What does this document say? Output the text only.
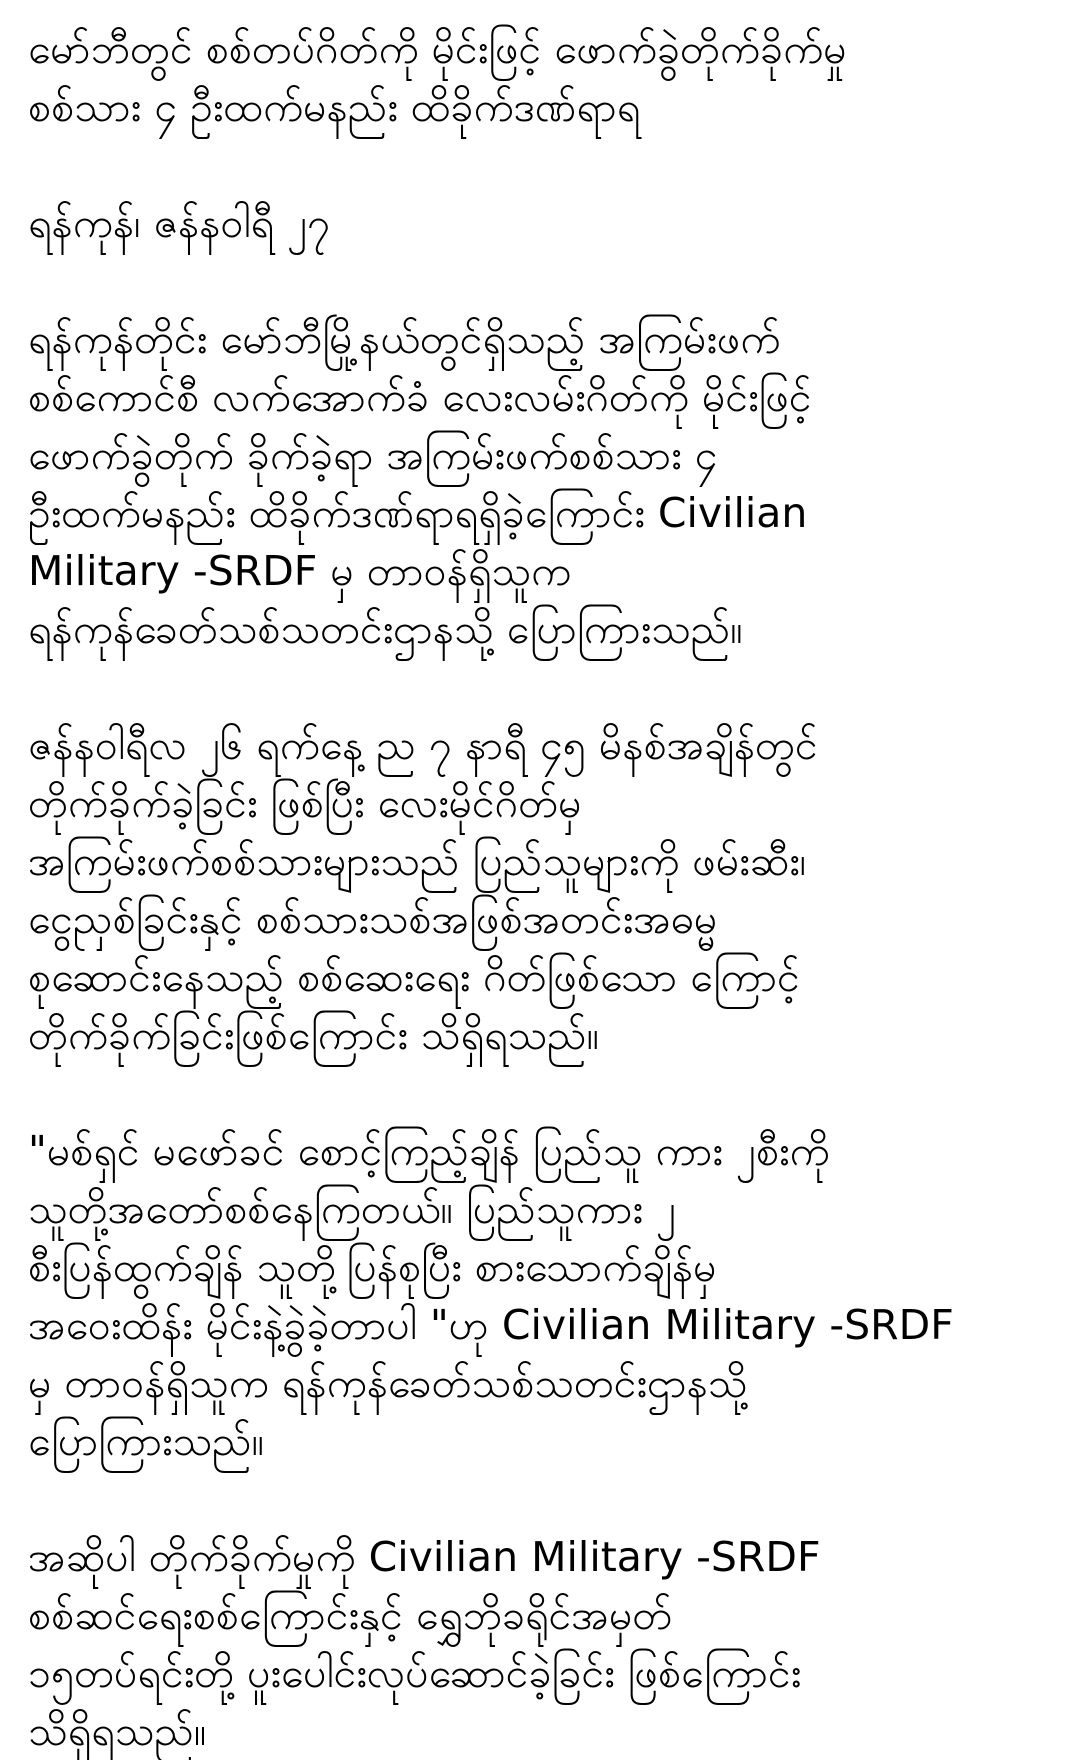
မော်ဘီတွင် စစ်တပ်ဂိတ်ကို မိုင်းဖြင့် ဖောက်ခွဲတိုက်ခိုက်မှု
စစ်သား ၄ ဦးထက်မနည်း ထိခိုက်ဒဏ်ရာရ
ရန်ကုန်၊ ဇန်နဝါရီ ၂၇
ရန်ကုန်တိုင်း မော်ဘီမြို့နယ်တွင်ရှိသည့် အကြမ်းဖက်
စစ်ကောင်စီ လက်အောက်ခံ လေးလမ်းဂိတ်ကို မိုင်းဖြင့်
ဖောက်ခွဲတိုက် ခိုက်ခဲ့ရာ အကြမ်းဖက်စစ်သား ၄
ဦးထက်မနည်း ထိခိုက်ဒဏ်ရာရရှိခဲ့ကြောင်း Civilian
Military -SRDF မှ တာဝန်ရှိသူက
ရန်ကုန်ခေတ်သစ်သတင်းဌာနသို့ ပြောကြားသည်။
ဇန်နဝါရီလ ၂၆ ရက်နေ့ ည ၇ နာရီ ၄၅ မိနစ်အချိန်တွင်
တိုက်ခိုက်ခဲ့ခြင်း ဖြစ်ပြီး လေးမိုင်ဂိတ်မှ
အကြမ်းဖက်စစ်သားများသည် ပြည်သူများကို ဖမ်းဆီး၊
ငွေညှစ်ခြင်းနှင့် စစ်သားသစ်အဖြစ်အတင်းအဓမ္မ
စုဆောင်းနေသည့် စစ်ဆေးရေး ဂိတ်ဖြစ်သော ကြောင့်
တိုက်ခိုက်ခြင်းဖြစ်ကြောင်း သိရှိရသည်။
"မစ်ရှင် မဖော်ခင် စောင့်ကြည့်ချိန် ပြည်သူ ကား ၂စီးကို
သူတို့အတော်စစ်နေကြတယ်။ ပြည်သူကား ၂
စီးပြန်ထွက်ချိန် သူတို့ပြန်စုပြီး စားသောက်ချိန်မှ
အဝေးထိန်း မိုင်းနဲ့ခွဲခဲ့တာပါ "ဟု Civilian Military -SRDF
မှ တာဝန်ရှိသူက ရန်ကုန်ခေတ်သစ်သတင်းဌာနသို့
ပြောကြားသည်။
အဆိုပါ တိုက်ခိုက်မှုကို Civilian Military -SRDF
စစ်ဆင်ရေးစစ်ကြောင်းနှင့် ရွှေဘိုခရိုင်အမှတ်
၁၅တပ်ရင်းတို့ ပူးပေါင်းလုပ်ဆောင်ခဲ့ခြင်း ဖြစ်ကြောင်း
သိရှိရသည်။
